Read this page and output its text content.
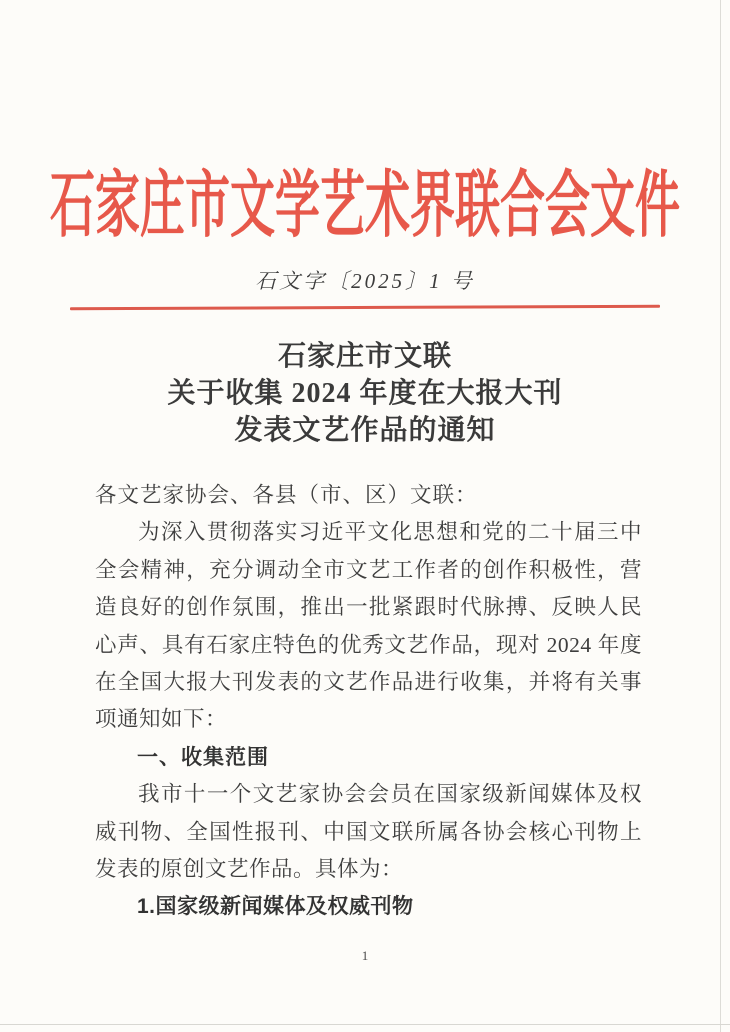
石家庄市文学艺术界联合会文件
石文字〔2025〕1 号
石家庄市文联
关于收集 2024 年度在大报大刊
发表文艺作品的通知

各文艺家协会、各县（市、区）文联：

为深入贯彻落实习近平文化思想和党的二十届三中全会精神，充分调动全市文艺工作者的创作积极性，营造良好的创作氛围，推出一批紧跟时代脉搏、反映人民心声、具有石家庄特色的优秀文艺作品，现对 2024 年度在全国大报大刊发表的文艺作品进行收集，并将有关事项通知如下：

一、收集范围

我市十一个文艺家协会会员在国家级新闻媒体及权威刊物、全国性报刊、中国文联所属各协会核心刊物上发表的原创文艺作品。具体为：

1.国家级新闻媒体及权威刊物

1
